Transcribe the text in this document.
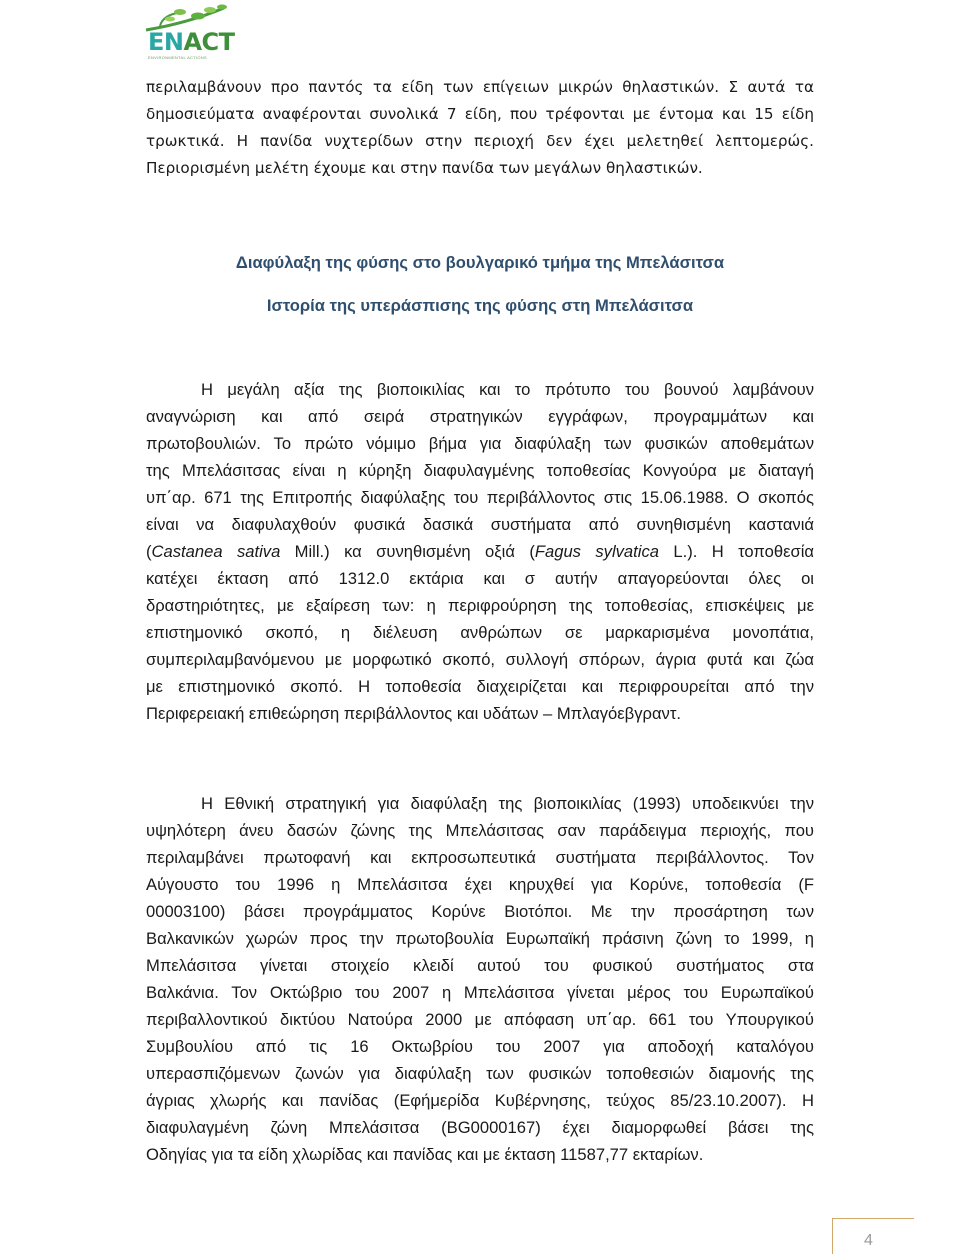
ENACT
ENVIRONMENTAL ACTIONS
περιλαμβάνουν προ παντός τα είδη των επίγειων μικρών θηλαστικών. Σ αυτά τα
δημοσιεύματα αναφέρονται συνολικά 7 είδη, που τρέφονται με έντομα και 15 είδη
τρωκτικά. Η πανίδα νυχτερίδων στην περιοχή δεν έχει μελετηθεί λεπτομερώς.
Περιορισμένη μελέτη έχουμε και στην πανίδα των μεγάλων θηλαστικών.
Διαφύλαξη της φύσης στο βουλγαρικό τμήμα της Μπελάσιτσα
Ιστορία της υπεράσπισης της φύσης στη Μπελάσιτσα
Η μεγάλη αξία της βιοποικιλίας και το πρότυπο του βουνού λαμβάνουν
αναγνώριση και από σειρά στρατηγικών εγγράφων, προγραμμάτων και
πρωτοβουλιών. Το πρώτο νόμιμο βήμα για διαφύλαξη των φυσικών αποθεμάτων
της Μπελάσιτσας είναι η κύρηξη διαφυλαγμένης τοποθεσίας Κονγούρα με διαταγή
υπ΄αρ. 671 της Επιτροπής διαφύλαξης του περιβάλλοντος στις 15.06.1988. Ο σκοπός
είναι να διαφυλαχθούν φυσικά δασικά συστήματα από συνηθισμένη καστανιά
(Castanea sativa Mill.) κα συνηθισμένη οξιά (Fagus sylvatica L.). Η τοποθεσία
κατέχει έκταση από 1312.0 εκτάρια και σ αυτήν απαγορεύονται όλες οι
δραστηριότητες, με εξαίρεση των: η περιφρούρηση της τοποθεσίας, επισκέψεις με
επιστημονικό σκοπό, η διέλευση ανθρώπων σε μαρκαρισμένα μονοπάτια,
συμπεριλαμβανόμενου με μορφωτικό σκοπό, συλλογή σπόρων, άγρια φυτά και ζώα
με επιστημονικό σκοπό. Η τοποθεσία διαχειρίζεται και περιφρουρείται από την
Περιφερειακή επιθεώρηση περιβάλλοντος και υδάτων – Μπλαγόεβγραντ.
Η Εθνική στρατηγική για διαφύλαξη της βιοποικιλίας (1993) υποδεικνύει την
υψηλότερη άνευ δασών ζώνης της Μπελάσιτσας σαν παράδειγμα περιοχής, που
περιλαμβάνει πρωτοφανή και εκπροσωπευτικά συστήματα περιβάλλοντος. Τον
Αύγουστο του 1996 η Μπελάσιτσα έχει κηρυχθεί για Κορύνε, τοποθεσία (F
00003100) βάσει προγράμματος Κορύνε Βιοτόποι. Με την προσάρτηση των
Βαλκανικών χωρών προς την πρωτοβουλία Ευρωπαϊκή πράσινη ζώνη το 1999, η
Μπελάσιτσα γίνεται στοιχείο κλειδί αυτού του φυσικού συστήματος στα
Βαλκάνια. Τον Οκτώβριο του 2007 η Μπελάσιτσα γίνεται μέρος του Ευρωπαϊκού
περιβαλλοντικού δικτύου Νατούρα 2000 με απόφαση υπ΄αρ. 661 του Υπουργικού
Συμβουλίου από τις 16 Οκτωβρίου του 2007 για αποδοχή καταλόγου
υπερασπιζόμενων ζωνών για διαφύλαξη των φυσικών τοποθεσιών διαμονής της
άγριας χλωρής και πανίδας (Εφήμερίδα Κυβέρνησης, τεύχος 85/23.10.2007). Η
διαφυλαγμένη ζώνη Μπελάσιτσα (BG0000167) έχει διαμορφωθεί βάσει της
Οδηγίας για τα είδη χλωρίδας και πανίδας και με έκταση 11587,77 εκταρίων.
4
